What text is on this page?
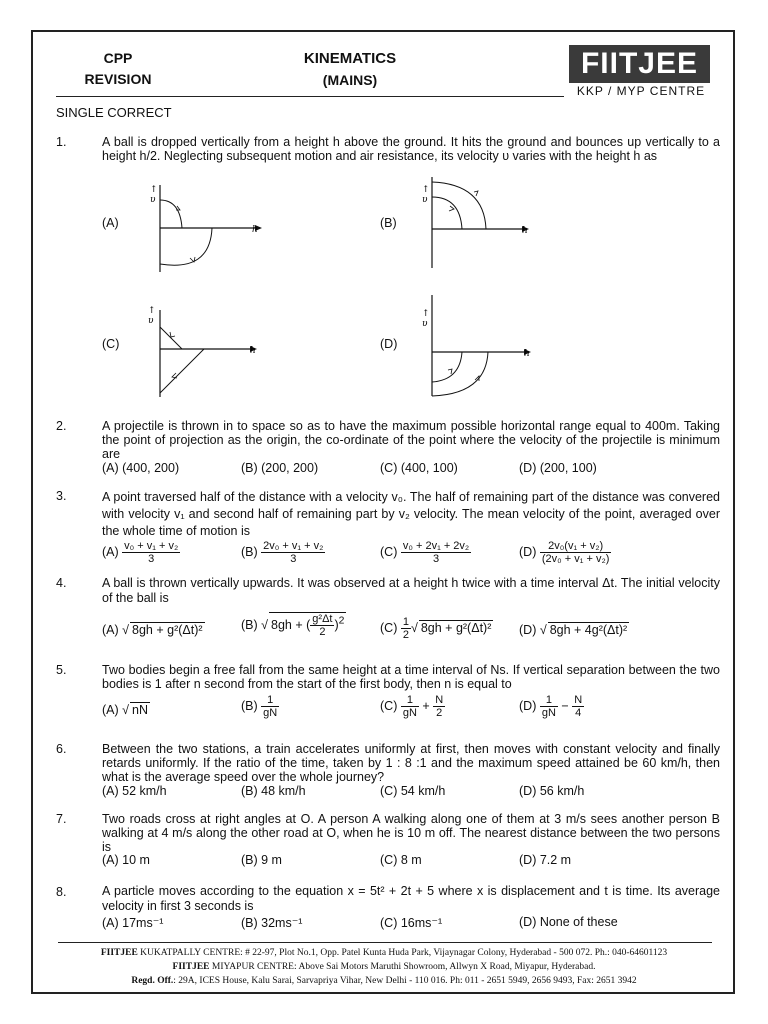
CPP
REVISION
KINEMATICS
(MAINS)	FIITJEE
KKP / MYP CENTRE
SINGLE CORRECT
1.	A ball is dropped vertically from a height h above the ground. It hits the ground and bounces up vertically to a height h/2. Neglecting subsequent motion and air resistance, its velocity υ varies with the height h as
(A)	(B)
(C)	(D)
↑
υ
h
↑
υ
h
↑
υ
h
↑
υ
h
2.	A projectile is thrown in to space so as to have the maximum possible horizontal range equal to 400m. Taking the point of projection as the origin, the co-ordinate of the point where the velocity of the projectile is minimum are
(A) (400, 200)	(B) (200, 200)	(C) (400, 100)	(D) (200, 100)
3.	A point traversed half of the distance with a velocity v₀. The half of remaining part of the distance was convered with velocity v₁ and second half of remaining part by v₂ velocity. The mean velocity of the point, averaged over the whole time of motion is
$(A) \frac{\text{v₀ + v₁ + v₂}}{3}$	$(B) \frac{\text{2v₀ + v₁ + v₂}}{3}$	$(C) \frac{\text{v₀ + 2v₁ + 2v₂}}{3}$	$(D) \frac{\text{2v₀(v₁ + v₂)}}{\text{(2v₀ + v₁ + v₂)}}$
4.	A ball is thrown vertically upwards. It was observed at a height h twice with a time interval Δt. The initial velocity of the ball is
(A) √ 8gh + g²(Δt)²	(B) √ 8gh + ( $\frac{\text{g²Δt}}{2} )^2$	$(C) \frac{1}{2}$ √ 8gh + g²(Δt)² (D) √ 8gh + 4g²(Δt)²
5.	Two bodies begin a free fall from the same height at a time interval of Ns. If vertical separation between the two bodies is 1 after n second from the start of the first body, then n is equal to
(A) √ nN	$(B) \frac{1}{gN}$	$(C) \frac{1}{gN} + \frac{N}{2}$	$(D) \frac{1}{gN} - \frac{N}{4}$
6.	Between the two stations, a train accelerates uniformly at first, then moves with constant velocity and finally retards uniformly. If the ratio of the time, taken by 1 : 8 :1 and the maximum speed attained be 60 km/h, then what is the average speed over the whole journey?
(A) 52 km/h	(B) 48 km/h	(C) 54 km/h	(D) 56 km/h
7.	Two roads cross at right angles at O. A person A walking along one of them at 3 m/s sees another person B walking at 4 m/s along the other road at O, when he is 10 m off. The nearest distance between the two persons is
(A) 10 m	(B) 9 m	(C) 8 m	(D) 7.2 m
8.	A particle moves according to the equation x = 5t² + 2t + 5 where x is displacement and t is time. Its average velocity in first 3 seconds is
(A) 17ms⁻¹	(B) 32ms⁻¹	(C) 16ms⁻¹	(D) None of these
FIITJEE KUKATPALLY CENTRE: # 22-97, Plot No.1, Opp. Patel Kunta Huda Park, Vijaynagar Colony, Hyderabad - 500 072. Ph.: 040-64601123
FIITJEE MIYAPUR CENTRE: Above Sai Motors Maruthi Showroom, Allwyn X Road, Miyapur, Hyderabad.
Regd. Off.: 29A, ICES House, Kalu Sarai, Sarvapriya Vihar, New Delhi - 110 016. Ph: 011 - 2651 5949, 2656 9493, Fax: 2651 3942
